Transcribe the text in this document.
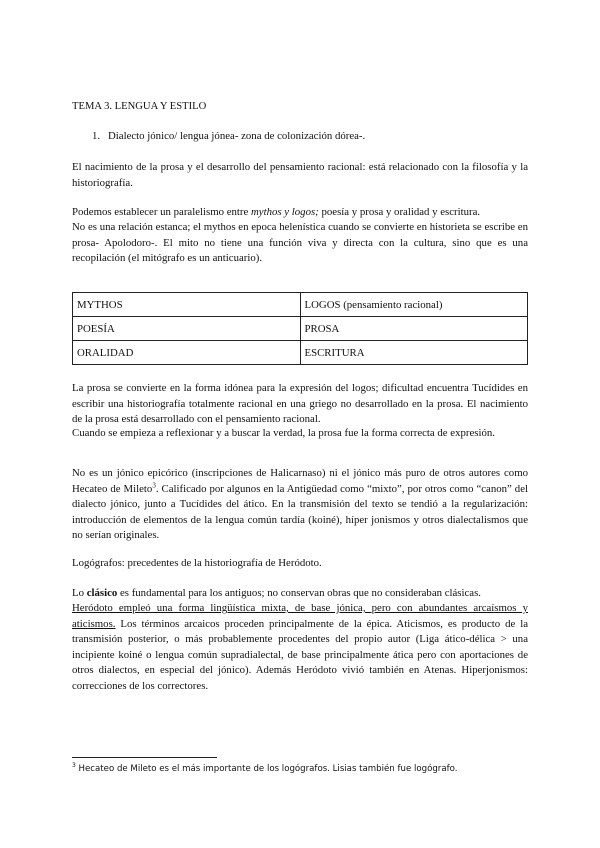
TEMA 3. LENGUA Y ESTILO

1. Dialecto jónico/ lengua jónea- zona de colonización dórea-.

El nacimiento de la prosa y el desarrollo del pensamiento racional: está relacionado con la filosofía y la historiografía.

Podemos establecer un paralelismo entre mythos y logos; poesía y prosa y oralidad y escritura.

No es una relación estanca; el mythos en epoca helenística cuando se convierte en historieta se escribe en prosa- Apolodoro-. El mito no tiene una función viva y directa con la cultura, sino que es una recopilación (el mitógrafo es un anticuario).

MYTHOS	LOGOS (pensamiento racional)
POESÍA	PROSA
ORALIDAD	ESCRITURA

La prosa se convierte en la forma idónea para la expresión del logos; dificultad encuentra Tucídides en escribir una historiografía totalmente racional en una griego no desarrollado en la prosa. El nacimiento de la prosa está desarrollado con el pensamiento racional.

Cuando se empieza a reflexionar y a buscar la verdad, la prosa fue la forma correcta de expresión.

No es un jónico epicórico (inscripciones de Halicarnaso) ni el jónico más puro de otros autores como Hecateo de Mileto$^3$. Calificado por algunos en la Antigüedad como “mixto”, por otros como “canon” del dialecto jónico, junto a Tucídides del ático. En la transmisión del texto se tendió a la regularización: introducción de elementos de la lengua común tardía (koiné), híper jonismos y otros dialectalismos que no serían originales.

Logógrafos: precedentes de la historiografía de Heródoto.

Lo clásico es fundamental para los antiguos; no conservan obras que no consideraban clásicas.

Heródoto empleó una forma lingüística mixta, de base jónica, pero con abundantes arcaísmos y aticismos. Los términos arcaicos proceden principalmente de la épica. Aticismos, es producto de la transmisión posterior, o más probablemente procedentes del propio autor (Liga ático-délica > una incipiente koiné o lengua común supradialectal, de base principalmente ática pero con aportaciones de otros dialectos, en especial del jónico). Además Heródoto vivió también en Atenas. Hiperjonismos: correcciones de los correctores.

$^3$ Hecateo de Mileto es el más importante de los logógrafos. Lisias también fue logógrafo.
